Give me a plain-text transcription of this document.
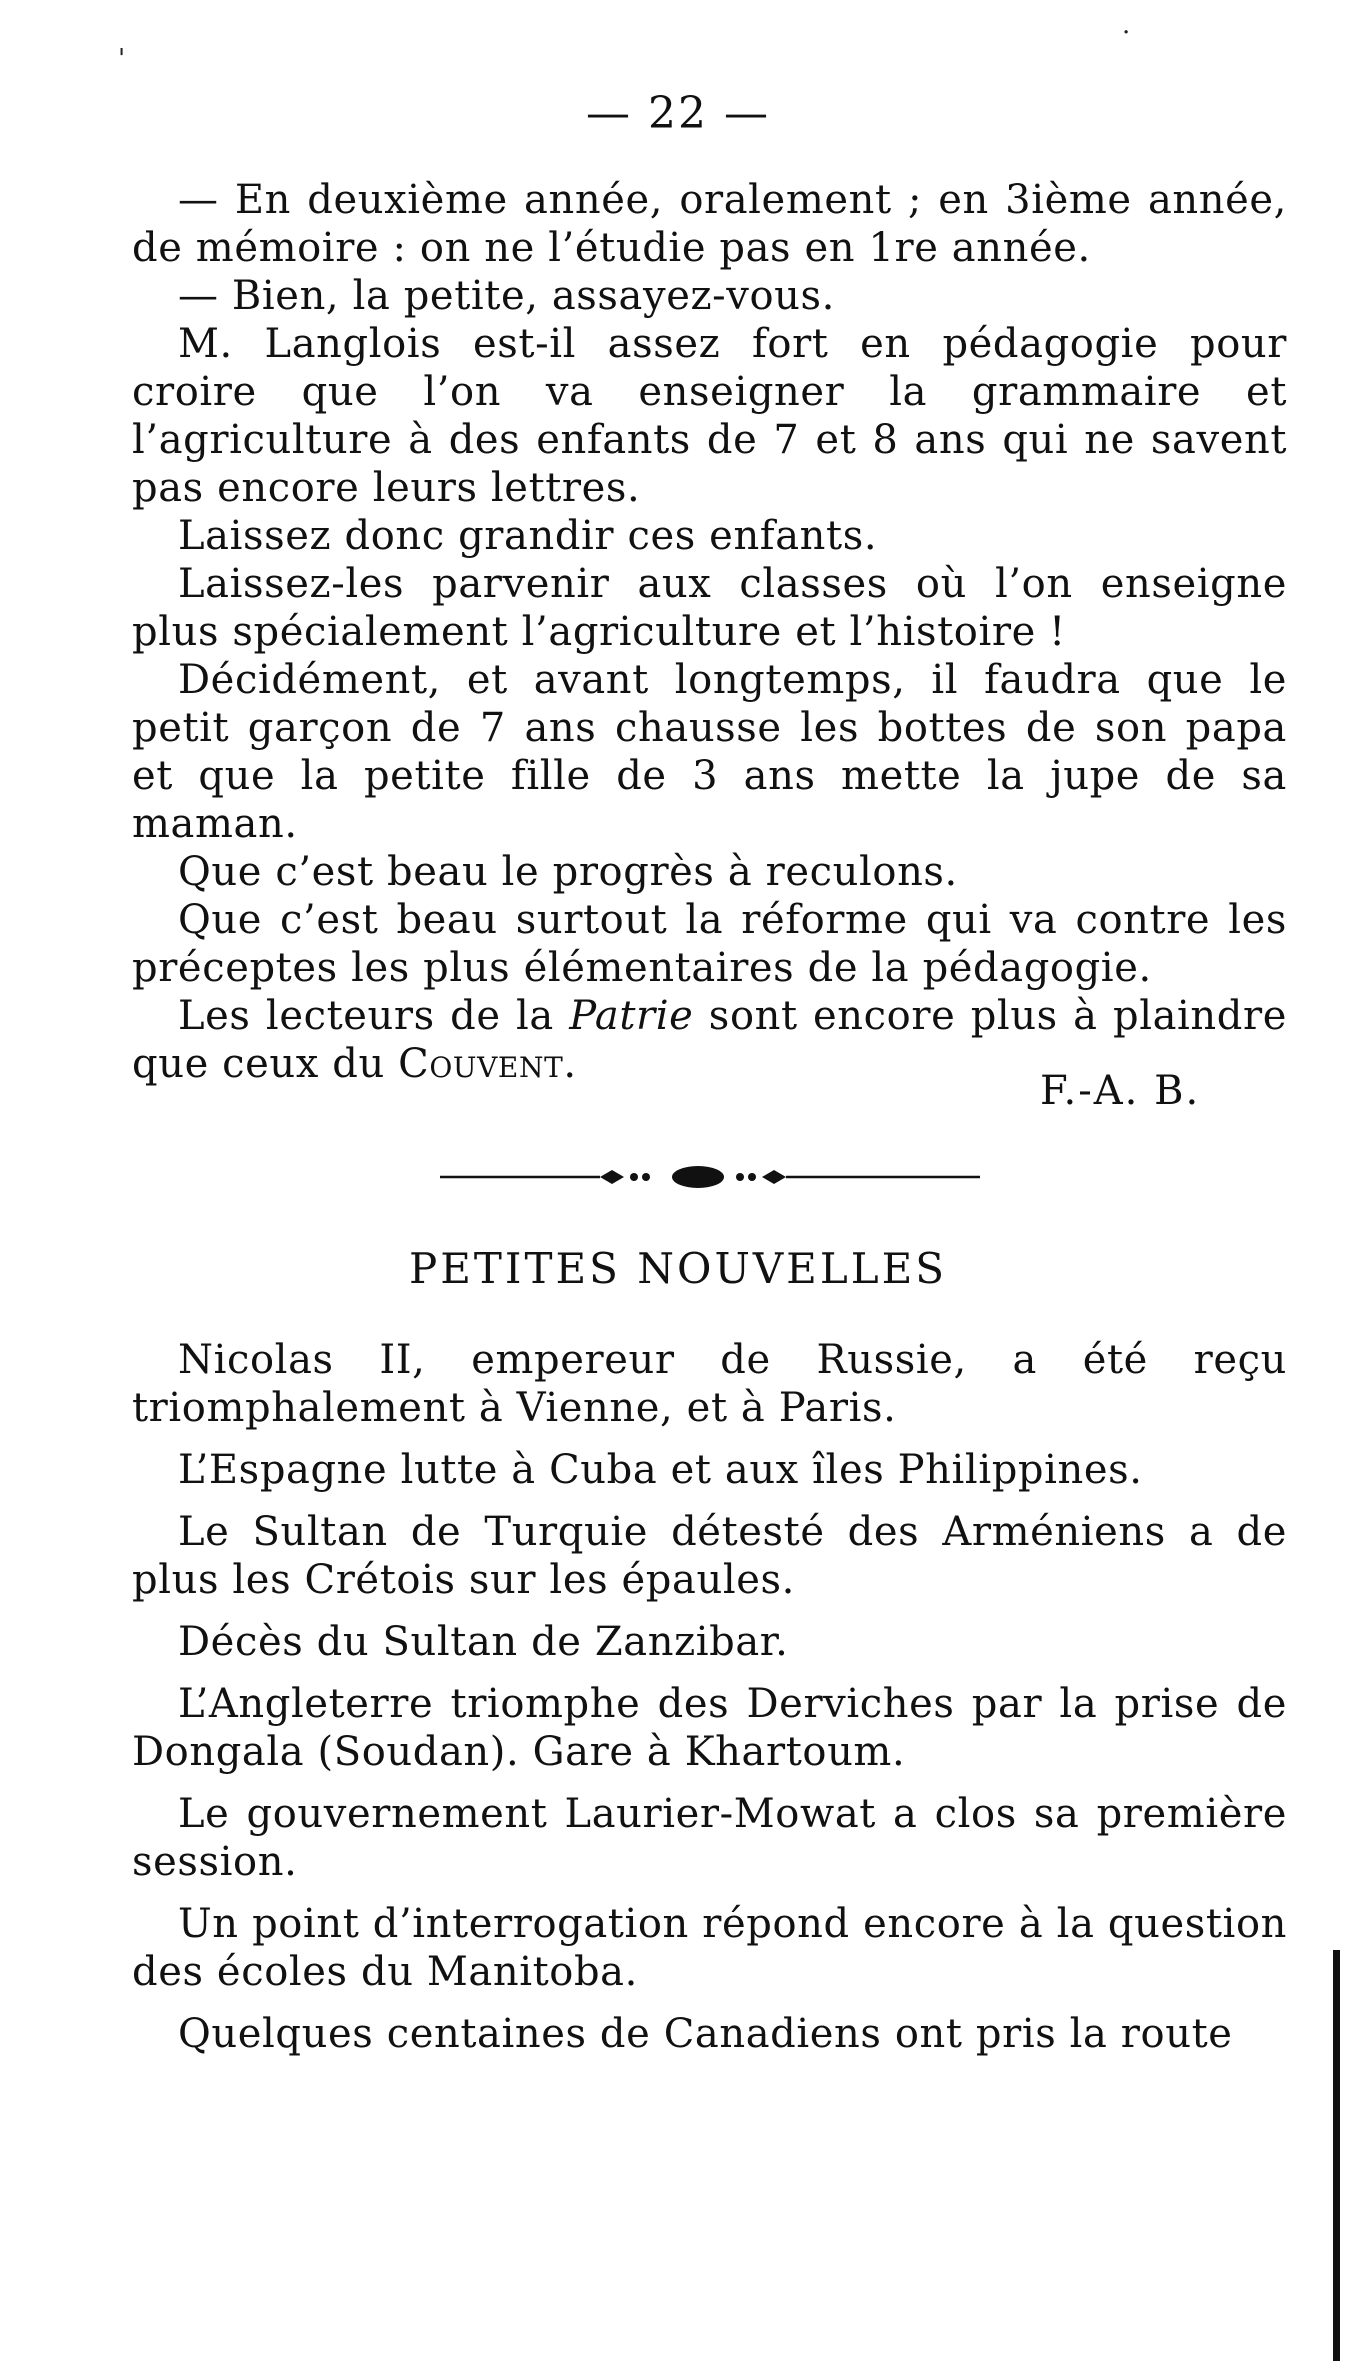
'
·
— 22 —

— En deuxième année, oralement ; en 3ième année, de mémoire : on ne l’étudie pas en 1re année.

— Bien, la petite, assayez-vous.

M. Langlois est-il assez fort en pédagogie pour croire que l’on va enseigner la grammaire et l’agriculture à des enfants de 7 et 8 ans qui ne savent pas encore leurs lettres.

Laissez donc grandir ces enfants.

Laissez-les parvenir aux classes où l’on enseigne plus spécialement l’agriculture et l’histoire !

Décidément, et avant longtemps, il faudra que le petit garçon de 7 ans chausse les bottes de son papa et que la petite fille de 3 ans mette la jupe de sa maman.

Que c’est beau le progrès à reculons.

Que c’est beau surtout la réforme qui va contre les préceptes les plus élémentaires de la pédagogie.

Les lecteurs de la Patrie sont encore plus à plaindre que ceux du Couvent.

F.-A. B.
PETITES NOUVELLES

Nicolas II, empereur de Russie, a été reçu triomphalement à Vienne, et à Paris.

L’Espagne lutte à Cuba et aux îles Philippines.

Le Sultan de Turquie détesté des Arméniens a de plus les Crétois sur les épaules.

Décès du Sultan de Zanzibar.

L’Angleterre triomphe des Derviches par la prise de Dongala (Soudan). Gare à Khartoum.

Le gouvernement Laurier-Mowat a clos sa première session.

Un point d’interrogation répond encore à la question des écoles du Manitoba.

Quelques centaines de Canadiens ont pris la route
